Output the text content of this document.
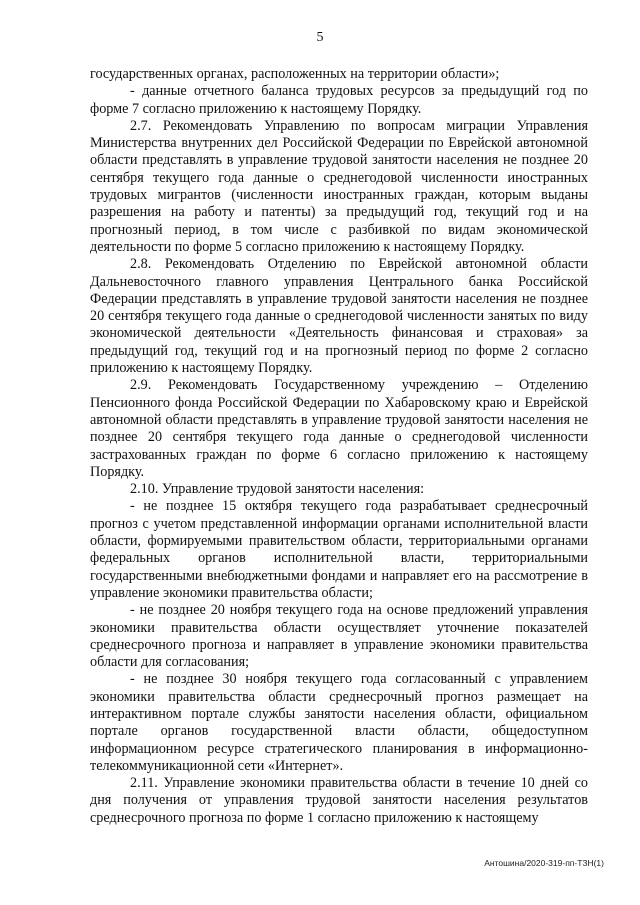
5

государственных органах, расположенных на территории области»;

- данные отчетного баланса трудовых ресурсов за предыдущий год по форме 7 согласно приложению к настоящему Порядку.

2.7. Рекомендовать Управлению по вопросам миграции Управления Министерства внутренних дел Российской Федерации по Еврейской автономной области представлять в управление трудовой занятости населения не позднее 20 сентября текущего года данные о среднегодовой численности иностранных трудовых мигрантов (численности иностранных граждан, которым выданы разрешения на работу и патенты) за предыдущий год, текущий год и на прогнозный период, в том числе с разбивкой по видам экономической деятельности по форме 5 согласно приложению к настоящему Порядку.

2.8. Рекомендовать Отделению по Еврейской автономной области Дальневосточного главного управления Центрального банка Российской Федерации представлять в управление трудовой занятости населения не позднее 20 сентября текущего года данные о среднегодовой численности занятых по виду экономической деятельности «Деятельность финансовая и страховая» за предыдущий год, текущий год и на прогнозный период по форме 2 согласно приложению к настоящему Порядку.

2.9. Рекомендовать Государственному учреждению – Отделению Пенсионного фонда Российской Федерации по Хабаровскому краю и Еврейской автономной области представлять в управление трудовой занятости населения не позднее 20 сентября текущего года данные о среднегодовой численности застрахованных граждан по форме 6 согласно приложению к настоящему Порядку.

2.10. Управление трудовой занятости населения:

- не позднее 15 октября текущего года разрабатывает среднесрочный прогноз с учетом представленной информации органами исполнительной власти области, формируемыми правительством области, территориальными органами федеральных органов исполнительной власти, территориальными государственными внебюджетными фондами и направляет его на рассмотрение в управление экономики правительства области;

- не позднее 20 ноября текущего года на основе предложений управления экономики правительства области осуществляет уточнение показателей среднесрочного прогноза и направляет в управление экономики правительства области для согласования;

- не позднее 30 ноября текущего года согласованный с управлением экономики правительства области среднесрочный прогноз размещает на интерактивном портале службы занятости населения области, официальном портале органов государственной власти области, общедоступном информационном ресурсе стратегического планирования в информационно-телекоммуникационной сети «Интернет».

2.11. Управление экономики правительства области в течение 10 дней со дня получения от управления трудовой занятости населения результатов среднесрочного прогноза по форме 1 согласно приложению к настоящему

Антошина/2020-319-пп-ТЗН(1)
